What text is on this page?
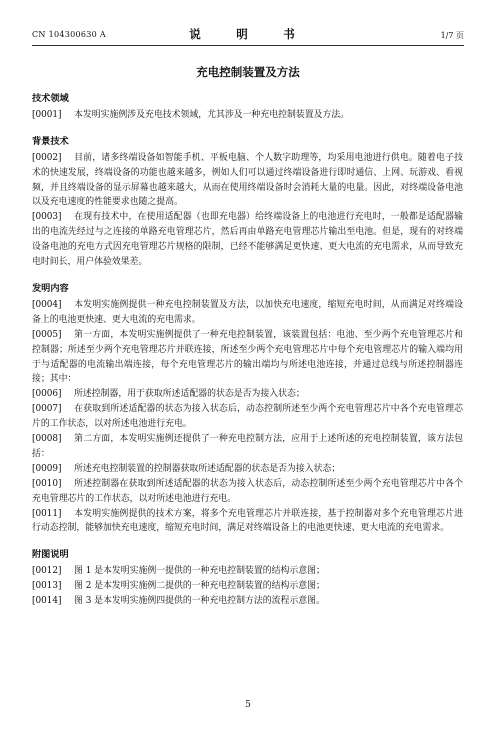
CN 104300630 A	说　明　书	1/7 页
充电控制装置及方法
技术领域

[0001] 本发明实施例涉及充电技术领域，尤其涉及一种充电控制装置及方法。

背景技术

[0002] 目前，诸多终端设备如智能手机、平板电脑、个人数字助理等，均采用电池进行供电。随着电子技术的快速发展，终端设备的功能也越来越多，例如人们可以通过终端设备进行即时通信、上网、玩游戏、看视频，并且终端设备的显示屏幕也越来越大，从而在使用终端设备时会消耗大量的电量。因此，对终端设备电池以及充电速度的性能要求也随之提高。

[0003] 在现有技术中，在使用适配器（也即充电器）给终端设备上的电池进行充电时，一般都是适配器输出的电流先经过与之连接的单路充电管理芯片，然后再由单路充电管理芯片输出至电池。但是，现有的对终端设备电池的充电方式因充电管理芯片规格的限制，已经不能够满足更快速、更大电流的充电需求，从而导致充电时间长，用户体验效果差。

发明内容

[0004] 本发明实施例提供一种充电控制装置及方法，以加快充电速度，缩短充电时间，从而满足对终端设备上的电池更快速、更大电流的充电需求。

[0005] 第一方面，本发明实施例提供了一种充电控制装置，该装置包括：电池、至少两个充电管理芯片和控制器；所述至少两个充电管理芯片并联连接，所述至少两个充电管理芯片中每个充电管理芯片的输入端均用于与适配器的电流输出端连接，每个充电管理芯片的输出端均与所述电池连接，并通过总线与所述控制器连接；其中：

[0006] 所述控制器，用于获取所述适配器的状态是否为接入状态；

[0007] 在获取到所述适配器的状态为接入状态后，动态控制所述至少两个充电管理芯片中各个充电管理芯片的工作状态，以对所述电池进行充电。

[0008] 第二方面，本发明实施例还提供了一种充电控制方法，应用于上述所述的充电控制装置，该方法包括：

[0009] 所述充电控制装置的控制器获取所述适配器的状态是否为接入状态；

[0010] 所述控制器在获取到所述适配器的状态为接入状态后，动态控制所述至少两个充电管理芯片中各个充电管理芯片的工作状态，以对所述电池进行充电。

[0011] 本发明实施例提供的技术方案，将多个充电管理芯片并联连接，基于控制器对多个充电管理芯片进行动态控制，能够加快充电速度，缩短充电时间，满足对终端设备上的电池更快速、更大电流的充电需求。

附图说明

[0012] 图 1 是本发明实施例一提供的一种充电控制装置的结构示意图；

[0013] 图 2 是本发明实施例二提供的一种充电控制装置的结构示意图；

[0014] 图 3 是本发明实施例四提供的一种充电控制方法的流程示意图。

5
